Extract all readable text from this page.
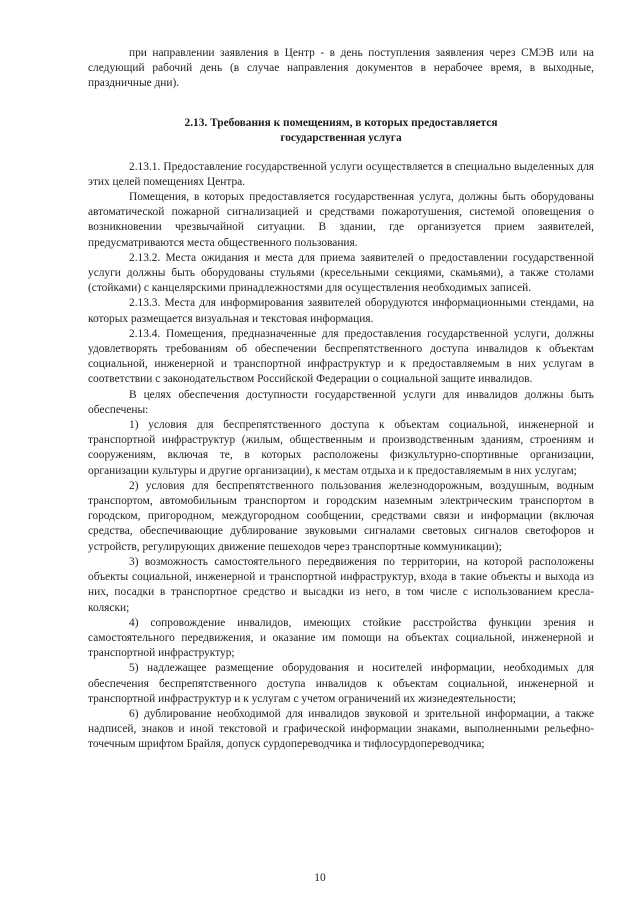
при направлении заявления в Центр - в день поступления заявления через СМЭВ или на следующий рабочий день (в случае направления документов в нерабочее время, в выходные, праздничные дни).

2.13. Требования к помещениям, в которых предоставляется
государственная услуга

2.13.1. Предоставление государственной услуги осуществляется в специально выделенных для этих целей помещениях Центра.

Помещения, в которых предоставляется государственная услуга, должны быть оборудованы автоматической пожарной сигнализацией и средствами пожаротушения, системой оповещения о возникновении чрезвычайной ситуации. В здании, где организуется прием заявителей, предусматриваются места общественного пользования.

2.13.2. Места ожидания и места для приема заявителей о предоставлении государственной услуги должны быть оборудованы стульями (кресельными секциями, скамьями), а также столами (стойками) с канцелярскими принадлежностями для осуществления необходимых записей.

2.13.3. Места для информирования заявителей оборудуются информационными стендами, на которых размещается визуальная и текстовая информация.

2.13.4. Помещения, предназначенные для предоставления государственной услуги, должны удовлетворять требованиям об обеспечении беспрепятственного доступа инвалидов к объектам социальной, инженерной и транспортной инфраструктур и к предоставляемым в них услугам в соответствии с законодательством Российской Федерации о социальной защите инвалидов.

В целях обеспечения доступности государственной услуги для инвалидов должны быть обеспечены:

1) условия для беспрепятственного доступа к объектам социальной, инженерной и транспортной инфраструктур (жилым, общественным и производственным зданиям, строениям и сооружениям, включая те, в которых расположены физкультурно-спортивные организации, организации культуры и другие организации), к местам отдыха и к предоставляемым в них услугам;

2) условия для беспрепятственного пользования железнодорожным, воздушным, водным транспортом, автомобильным транспортом и городским наземным электрическим транспортом в городском, пригородном, междугородном сообщении, средствами связи и информации (включая средства, обеспечивающие дублирование звуковыми сигналами световых сигналов светофоров и устройств, регулирующих движение пешеходов через транспортные коммуникации);

3) возможность самостоятельного передвижения по территории, на которой расположены объекты социальной, инженерной и транспортной инфраструктур, входа в такие объекты и выхода из них, посадки в транспортное средство и высадки из него, в том числе с использованием кресла-коляски;

4) сопровождение инвалидов, имеющих стойкие расстройства функции зрения и самостоятельного передвижения, и оказание им помощи на объектах социальной, инженерной и транспортной инфраструктур;

5) надлежащее размещение оборудования и носителей информации, необходимых для обеспечения беспрепятственного доступа инвалидов к объектам социальной, инженерной и транспортной инфраструктур и к услугам с учетом ограничений их жизнедеятельности;

6) дублирование необходимой для инвалидов звуковой и зрительной информации, а также надписей, знаков и иной текстовой и графической информации знаками, выполненными рельефно-точечным шрифтом Брайля, допуск сурдопереводчика и тифлосурдопереводчика;

10
